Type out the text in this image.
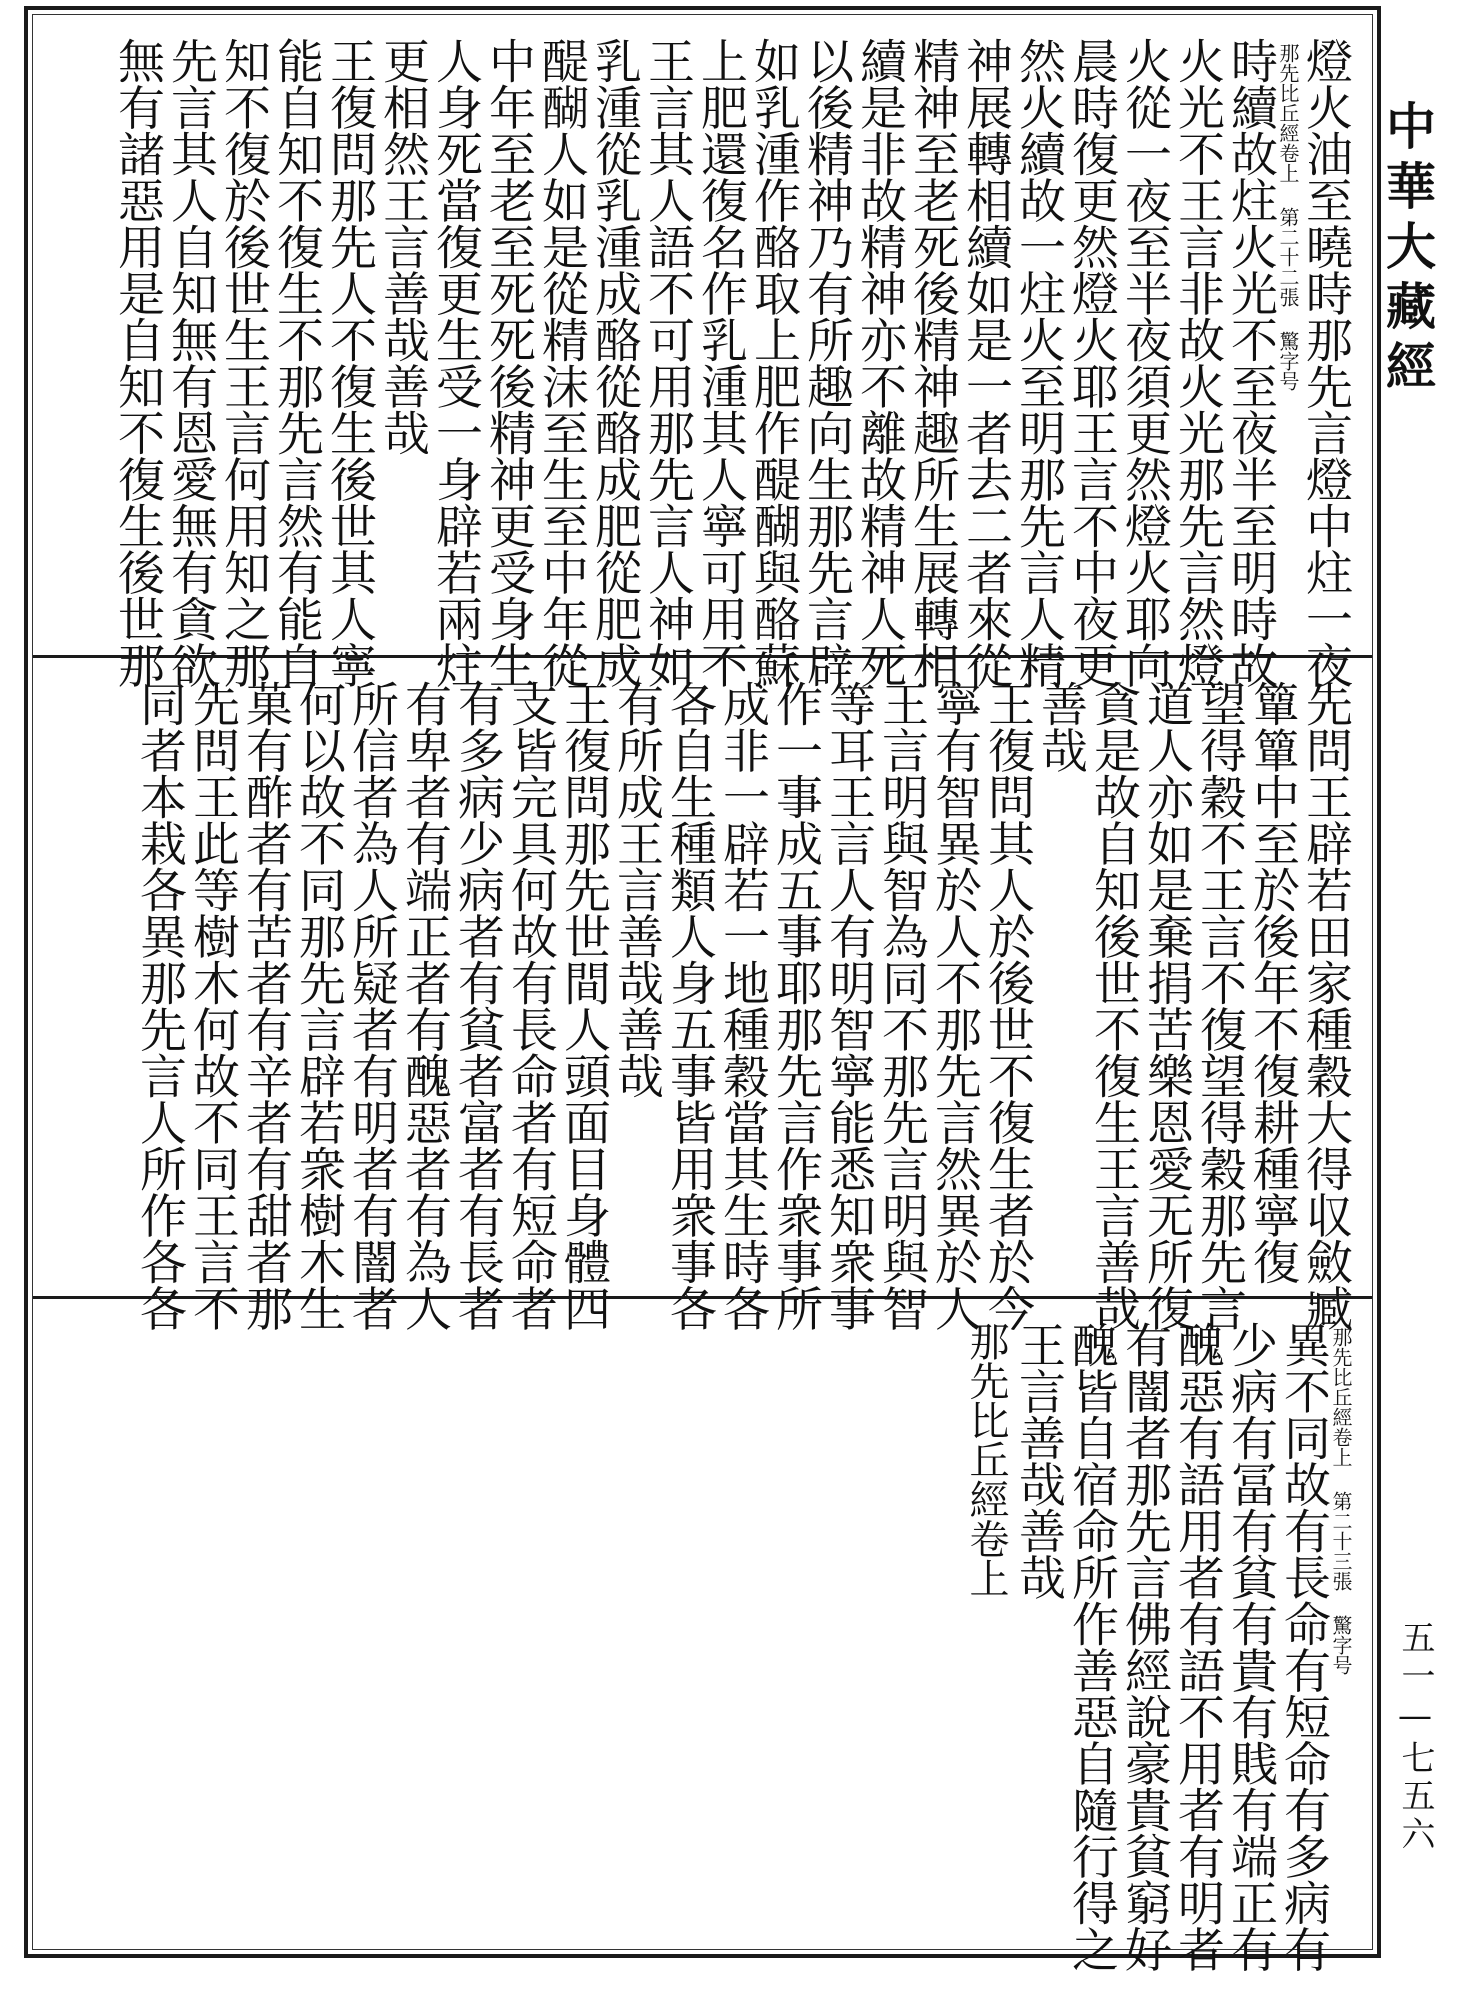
燈火油至曉時那先言燈中炷一夜
那先比丘經卷上 第二十二張 驚字号
時續故炷火光不至夜半至明時故
火光不王言非故火光那先言然燈
火從一夜至半夜須更然燈火耶向
晨時復更然燈火耶王言不中夜更
然火續故一炷火至明那先言人精
神展轉相續如是一者去二者來從
精神至老死後精神趣所生展轉相
續是非故精神亦不離故精神人死
以後精神乃有所趣向生那先言辟
如乳湩作酪取上肥作醍醐與酪蘇
上肥還復名作乳湩其人寧可用不
王言其人語不可用那先言人神如
乳湩從乳湩成酪從酪成肥從肥成
醍醐人如是從精沫至生至中年從
中年至老至死死後精神更受身生
人身死當復更生受一身辟若兩炷
更相然王言善哉善哉
王復問那先人不復生後世其人寧
能自知不復生不那先言然有能自
知不復於後世生王言何用知之那
先言其人自知無有恩愛無有貪欲
無有諸惡用是自知不復生後世那
先問王辟若田家種穀大得収斂臧
簞簞中至於後年不復耕種寧復
望得穀不王言不復望得穀那先言
道人亦如是棄捐苦樂恩愛无所復
貪是故自知後世不復生王言善哉
善哉
王復問其人於後世不復生者於今
寧有智異於人不那先言然異於人
王言明與智為同不那先言明與智
等耳王言人有明智寧能悉知衆事
作一事成五事耶那先言作衆事所
成非一辟若一地種穀當其生時各
各自生種類人身五事皆用衆事各
有所成王言善哉善哉
王復問那先世間人頭面目身體四
支皆完具何故有長命者有短命者
有多病少病者有貧者富者有長者
有卑者有端正者有醜惡者有為人
所信者為人所疑者有明者有闇者
何以故不同那先言辟若衆樹木生
菓有酢者有苦者有辛者有甜者那
先問王此等樹木何故不同王言不
同者本栽各異那先言人所作各各
那先比丘經卷上 第二十三張 驚字号
異不同故有長命有短命有多病有
少病有冨有貧有貴有賎有端正有
醜惡有語用者有語不用者有明者
有闇者那先言佛經說豪貴貧窮好
醜皆自宿命所作善惡自隨行得之
王言善哉善哉
那先比丘經卷上
中華大藏經
五一—七五六
